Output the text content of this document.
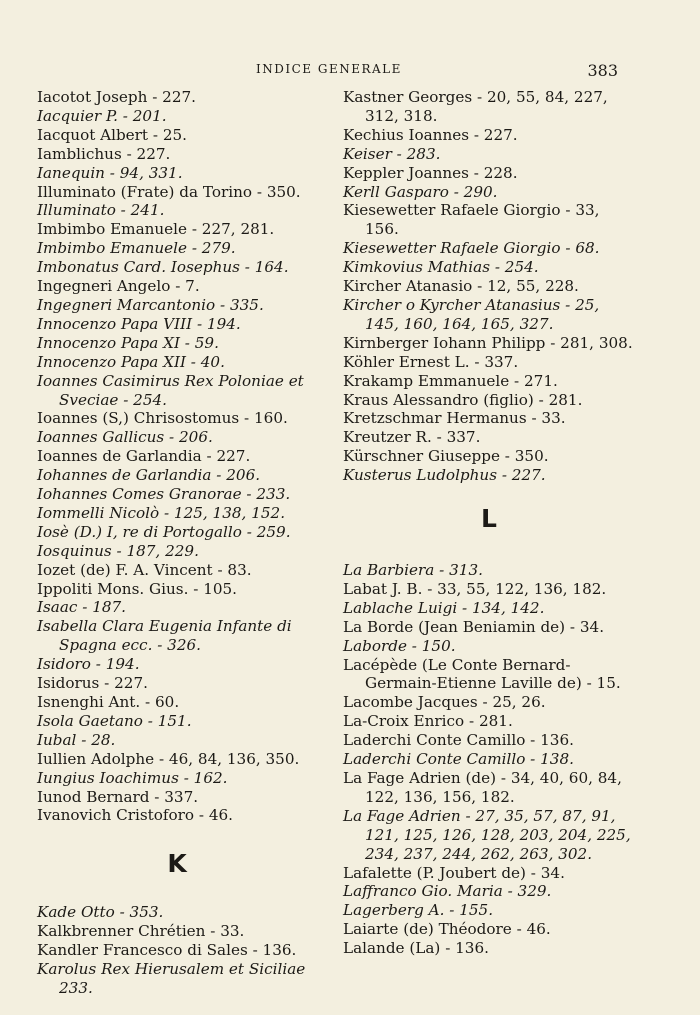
INDICE GENERALE	383
Iacotot Joseph - 227.
Iacquier P. - 201.
Iacquot Albert - 25.
Iamblichus - 227.
Ianequin - 94, 331.
Illuminato (Frate) da Torino - 350.
Illuminato - 241.
Imbimbo Emanuele - 227, 281.
Imbimbo Emanuele - 279.
Imbonatus Card. Iosephus - 164.
Ingegneri Angelo - 7.
Ingegneri Marcantonio - 335.
Innocenzo Papa VIII - 194.
Innocenzo Papa XI - 59.
Innocenzo Papa XII - 40.
Ioannes Casimirus Rex Poloniae et Sveciae - 254.
Ioannes (S,) Chrisostomus - 160.
Ioannes Gallicus - 206.
Ioannes de Garlandia - 227.
Iohannes de Garlandia - 206.
Iohannes Comes Granorae - 233.
Iommelli Nicolò - 125, 138, 152.
Iosè (D.) I, re di Portogallo - 259.
Iosquinus - 187, 229.
Iozet (de) F. A. Vincent - 83.
Ippoliti Mons. Gius. - 105.
Isaac - 187.
Isabella Clara Eugenia Infante di Spagna ecc. - 326.
Isidoro - 194.
Isidorus - 227.
Isnenghi Ant. - 60.
Isola Gaetano - 151.
Iubal - 28.
Iullien Adolphe - 46, 84, 136, 350.
Iungius Ioachimus - 162.
Iunod Bernard - 337.
Ivanovich Cristoforo - 46.
K
Kade Otto - 353.
Kalkbrenner Chrétien - 33.
Kandler Francesco di Sales - 136.
Karolus Rex Hierusalem et Siciliae 233.
Kastner Georges - 20, 55, 84, 227, 312, 318.
Kechius Ioannes - 227.
Keiser - 283.
Keppler Joannes - 228.
Kerll Gasparo - 290.
Kiesewetter Rafaele Giorgio - 33, 156.
Kiesewetter Rafaele Giorgio - 68.
Kimkovius Mathias - 254.
Kircher Atanasio - 12, 55, 228.
Kircher o Kyrcher Atanasius - 25, 145, 160, 164, 165, 327.
Kirnberger Iohann Philipp - 281, 308.
Köhler Ernest L. - 337.
Krakamp Emmanuele - 271.
Kraus Alessandro (figlio) - 281.
Kretzschmar Hermanus - 33.
Kreutzer R. - 337.
Kürschner Giuseppe - 350.
Kusterus Ludolphus - 227.
L
La Barbiera - 313.
Labat J. B. - 33, 55, 122, 136, 182.
Lablache Luigi - 134, 142.
La Borde (Jean Beniamin de) - 34.
Laborde - 150.
Lacépède (Le Conte Bernard-Germain-Etienne Laville de) - 15.
Lacombe Jacques - 25, 26.
La-Croix Enrico - 281.
Laderchi Conte Camillo - 136.
Laderchi Conte Camillo - 138.
La Fage Adrien (de) - 34, 40, 60, 84, 122, 136, 156, 182.
La Fage Adrien - 27, 35, 57, 87, 91, 121, 125, 126, 128, 203, 204, 225, 234, 237, 244, 262, 263, 302.
Lafalette (P. Joubert de) - 34.
Laffranco Gio. Maria - 329.
Lagerberg A. - 155.
Laiarte (de) Théodore - 46.
Lalande (La) - 136.
